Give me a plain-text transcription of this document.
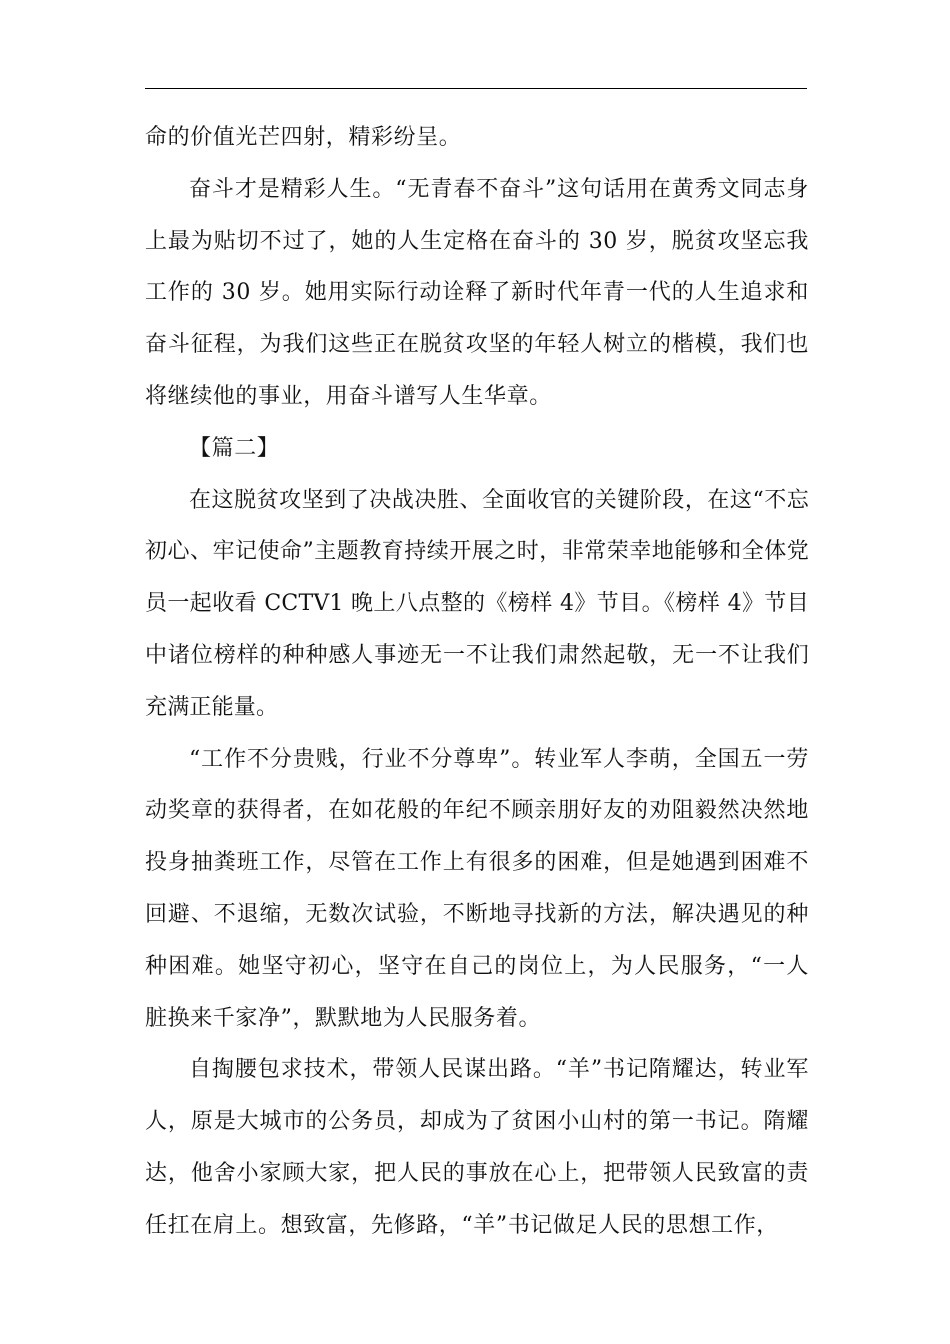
命的价值光芒四射，精彩纷呈。

奋斗才是精彩人生。“无青春不奋斗”这句话用在黄秀文同志身上最为贴切不过了，她的人生定格在奋斗的 30 岁，脱贫攻坚忘我工作的 30 岁。她用实际行动诠释了新时代年青一代的人生追求和奋斗征程，为我们这些正在脱贫攻坚的年轻人树立的楷模，我们也将继续他的事业，用奋斗谱写人生华章。

【篇二】

在这脱贫攻坚到了决战决胜、全面收官的关键阶段，在这“不忘初心、牢记使命”主题教育持续开展之时，非常荣幸地能够和全体党员一起收看 CCTV1 晚上八点整的《榜样 4》节目。《榜样 4》节目中诸位榜样的种种感人事迹无一不让我们肃然起敬，无一不让我们充满正能量。

“工作不分贵贱，行业不分尊卑”。转业军人李萌，全国五一劳动奖章的获得者，在如花般的年纪不顾亲朋好友的劝阻毅然决然地投身抽粪班工作，尽管在工作上有很多的困难，但是她遇到困难不回避、不退缩，无数次试验，不断地寻找新的方法，解决遇见的种种困难。她坚守初心，坚守在自己的岗位上，为人民服务，“一人脏换来千家净”，默默地为人民服务着。

自掏腰包求技术，带领人民谋出路。“羊”书记隋耀达，转业军人，原是大城市的公务员，却成为了贫困小山村的第一书记。隋耀达，他舍小家顾大家，把人民的事放在心上，把带领人民致富的责任扛在肩上。想致富，先修路，“羊”书记做足人民的思想工作，
